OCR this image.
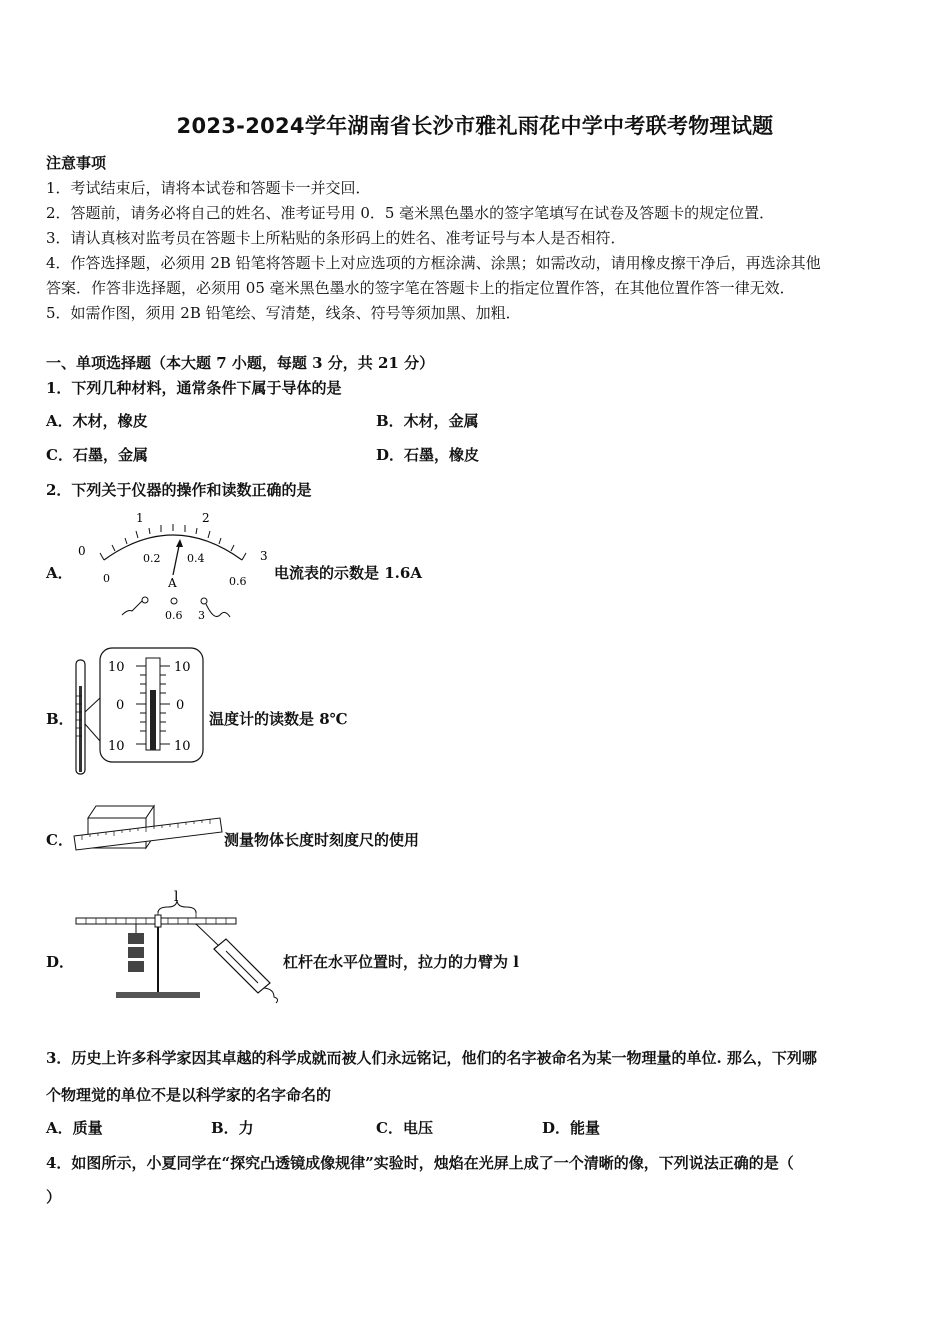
2023-2024学年湖南省长沙市雅礼雨花中学中考联考物理试题
注意事项
1．考试结束后，请将本试卷和答题卡一并交回．
2．答题前，请务必将自己的姓名、准考证号用 0．5 毫米黑色墨水的签字笔填写在试卷及答题卡的规定位置．
3．请认真核对监考员在答题卡上所粘贴的条形码上的姓名、准考证号与本人是否相符．
4．作答选择题，必须用 2B 铅笔将答题卡上对应选项的方框涂满、涂黑；如需改动，请用橡皮擦干净后，再选涂其他
答案．作答非选择题，必须用 05 毫米黑色墨水的签字笔在答题卡上的指定位置作答，在其他位置作答一律无效．
5．如需作图，须用 2B 铅笔绘、写清楚，线条、符号等须加黑、加粗．
一、单项选择题（本大题 7 小题，每题 3 分，共 21 分）
1．下列几种材料，通常条件下属于导体的是
A．木材，橡皮	B．木材，金属
C．石墨，金属	D．石墨，橡皮
2．下列关于仪器的操作和读数正确的是
A．
0
1	2
3
0
0.2 0.4
0.6
A
0.6 3
电流表的示数是 1.6A
B．
10
0
10
10
0
10
温度计的读数是 8℃
C．	测量物体长度时刻度尺的使用
D．
l
杠杆在水平位置时，拉力的力臂为 l
3．历史上许多科学家因其卓越的科学成就而被人们永远铭记，他们的名字被命名为某一物理量的单位. 那么，下列哪
个物理觉的单位不是以科学家的名字命名的
A．质量	B．力	C．电压	D．能量
4．如图所示，小夏同学在“探究凸透镜成像规律”实验时，烛焰在光屏上成了一个清晰的像，下列说法正确的是（
）
